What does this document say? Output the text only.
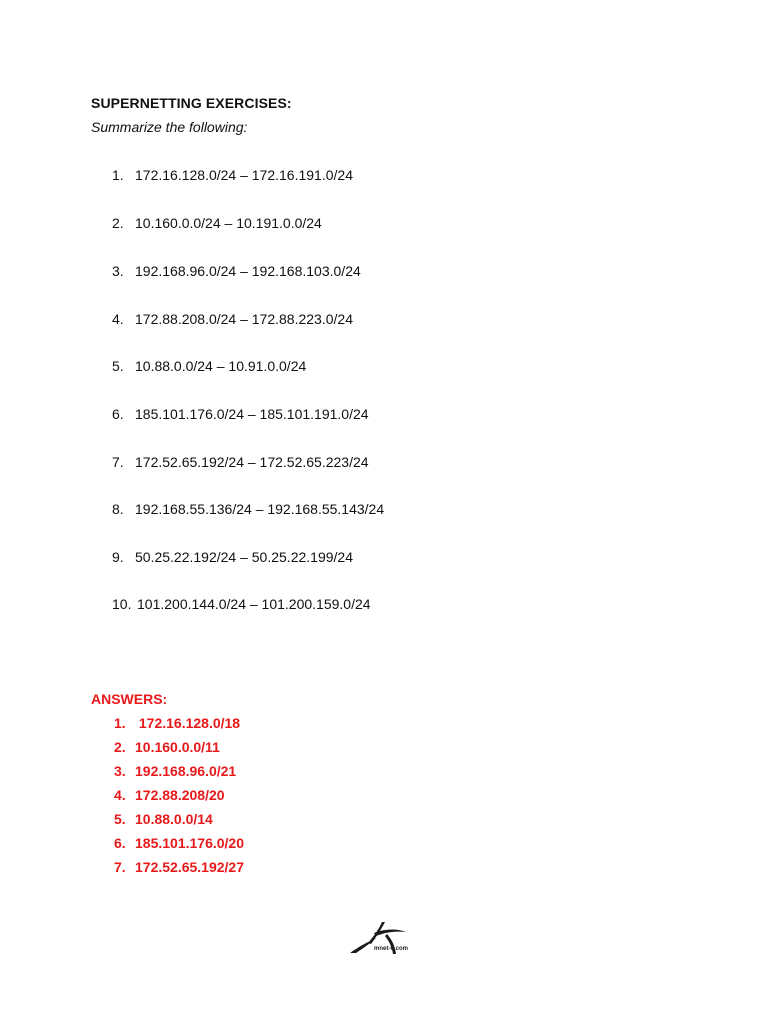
SUPERNETTING EXERCISES:
Summarize the following:
1. 172.16.128.0/24 – 172.16.191.0/24
2. 10.160.0.0/24 – 10.191.0.0/24
3. 192.168.96.0/24 – 192.168.103.0/24
4. 172.88.208.0/24 – 172.88.223.0/24
5. 10.88.0.0/24 – 10.91.0.0/24
6. 185.101.176.0/24 – 185.101.191.0/24
7. 172.52.65.192/24 – 172.52.65.223/24
8. 192.168.55.136/24 – 192.168.55.143/24
9. 50.25.22.192/24 – 50.25.22.199/24
10. 101.200.144.0/24 – 101.200.159.0/24
ANSWERS:
1. 172.16.128.0/18
2. 10.160.0.0/11
3. 192.168.96.0/21
4. 172.88.208/20
5. 10.88.0.0/14
6. 185.101.176.0/20
7. 172.52.65.192/27
mnet-it.com
